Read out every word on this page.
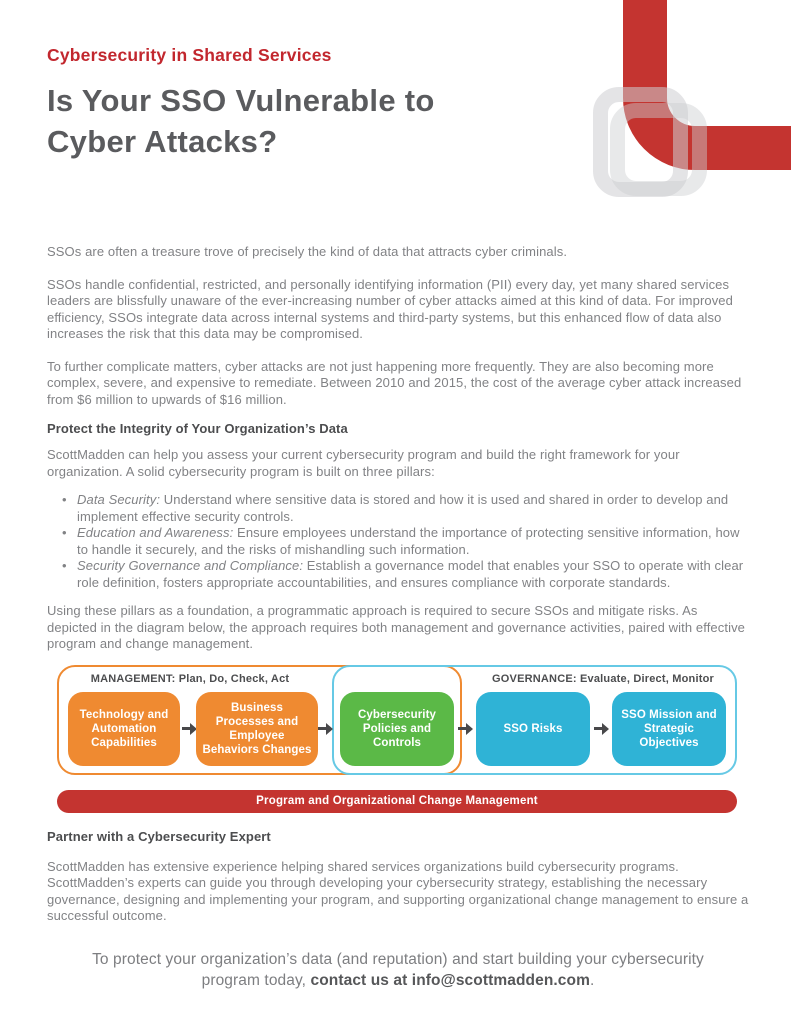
Cybersecurity in Shared Services
Is Your SSO Vulnerable to
Cyber Attacks?

SSOs are often a treasure trove of precisely the kind of data that attracts cyber criminals.

SSOs handle confidential, restricted, and personally identifying information (PII) every day, yet many shared services leaders are blissfully unaware of the ever-increasing number of cyber attacks aimed at this kind of data. For improved efficiency, SSOs integrate data across internal systems and third-party systems, but this enhanced flow of data also increases the risk that this data may be compromised.

To further complicate matters, cyber attacks are not just happening more frequently. They are also becoming more complex, severe, and expensive to remediate. Between 2010 and 2015, the cost of the average cyber attack increased from $6 million to upwards of $16 million.

Protect the Integrity of Your Organization’s Data

ScottMadden can help you assess your current cybersecurity program and build the right framework for your organization. A solid cybersecurity program is built on three pillars:

• Data Security: Understand where sensitive data is stored and how it is used and shared in order to develop and implement effective security controls.
• Education and Awareness: Ensure employees understand the importance of protecting sensitive information, how to handle it securely, and the risks of mishandling such information.
• Security Governance and Compliance: Establish a governance model that enables your SSO to operate with clear role definition, fosters appropriate accountabilities, and ensures compliance with corporate standards.

Using these pillars as a foundation, a programmatic approach is required to secure SSOs and mitigate risks. As depicted in the diagram below, the approach requires both management and governance activities, paired with effective program and change management.

MANAGEMENT: Plan, Do, Check, Act	GOVERNANCE: Evaluate, Direct, Monitor
Technology and Automation Capabilities
Business Processes and Employee Behaviors Changes
Cybersecurity Policies and Controls
SSO Risks
SSO Mission and Strategic Objectives
Program and Organizational Change Management
Partner with a Cybersecurity Expert

ScottMadden has extensive experience helping shared services organizations build cybersecurity programs. ScottMadden’s experts can guide you through developing your cybersecurity strategy, establishing the necessary governance, designing and implementing your program, and supporting organizational change management to ensure a successful outcome.

To protect your organization’s data (and reputation) and start building your cybersecurity program today, contact us at info@scottmadden.com.
